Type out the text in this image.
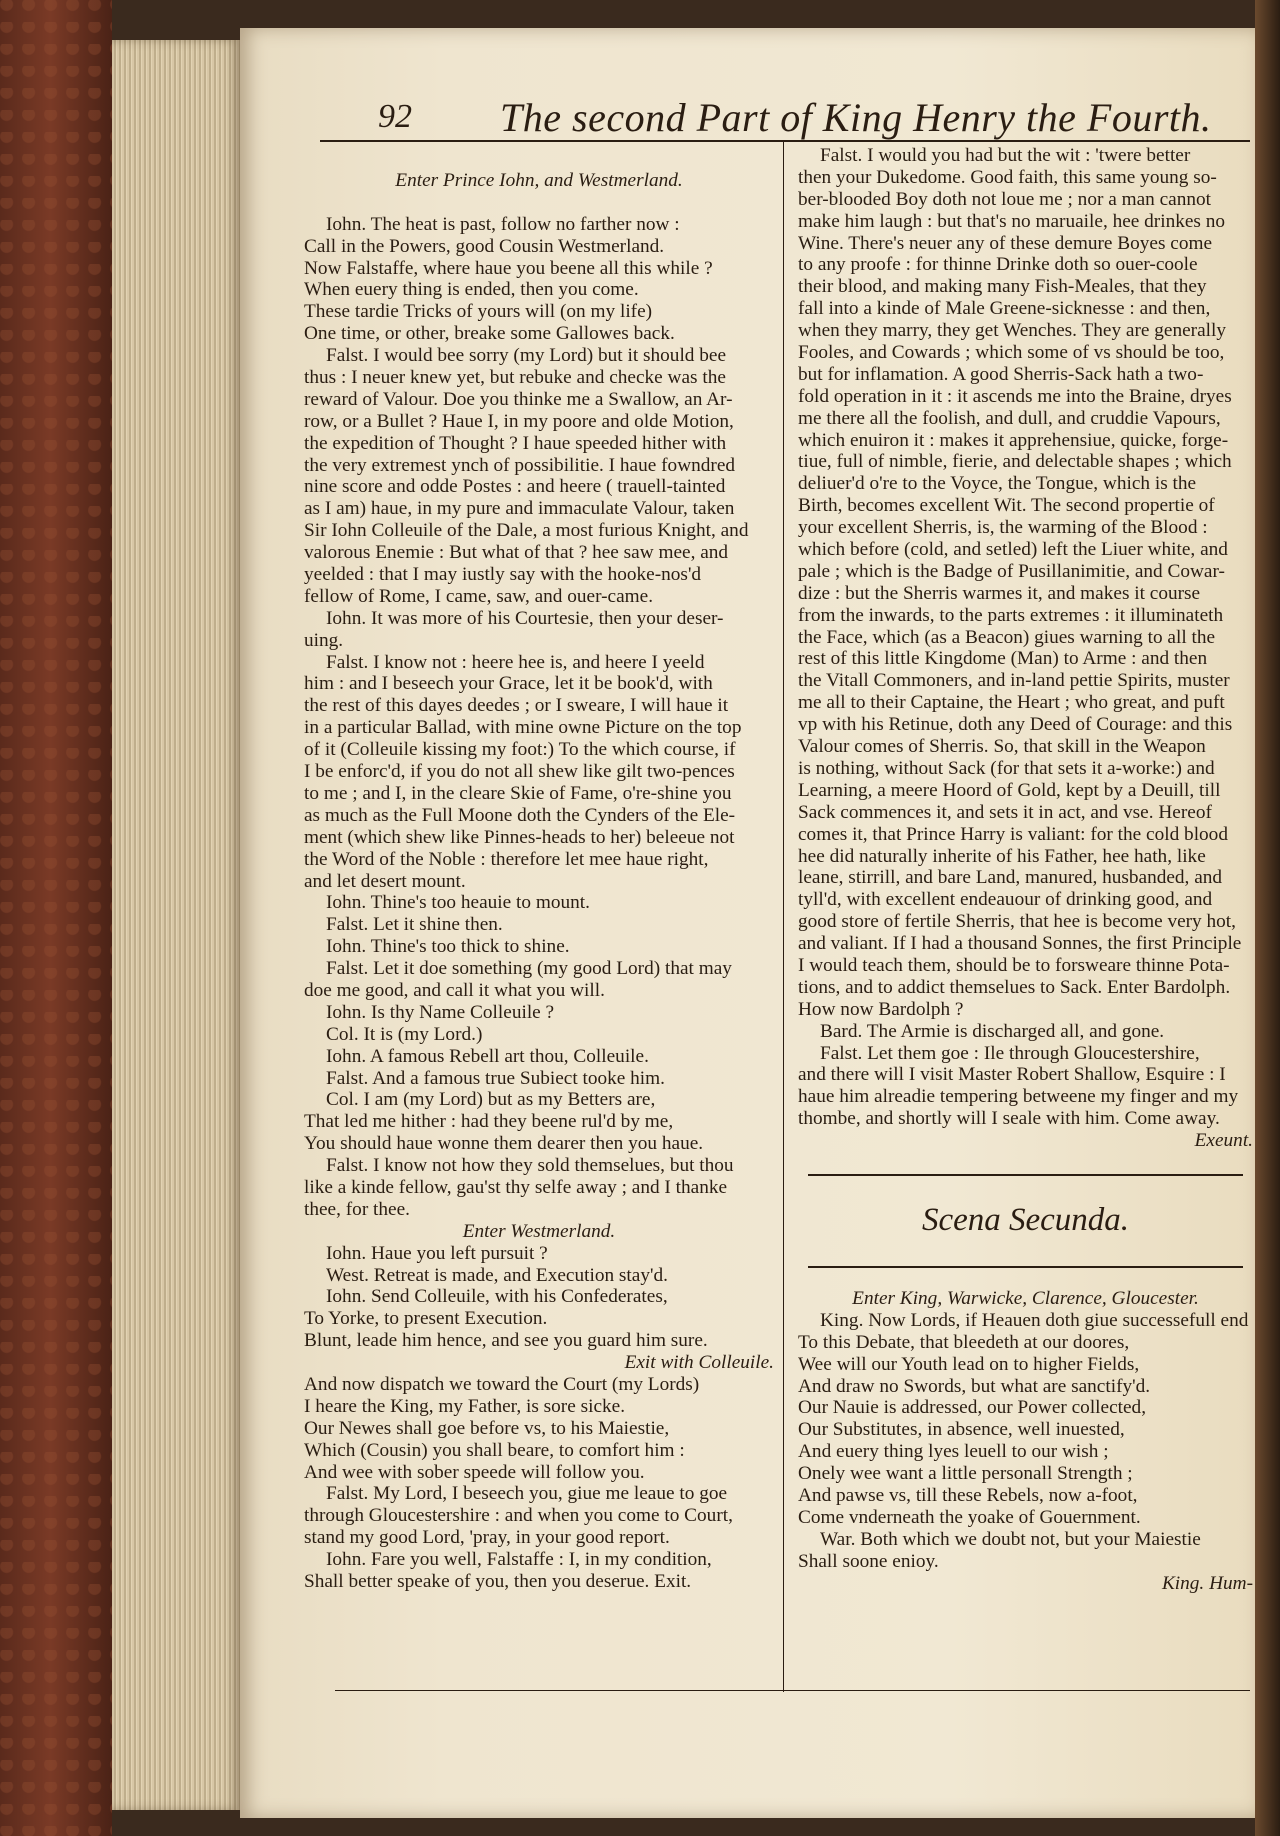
92 The second Part of King Henry the Fourth.
Enter Prince Iohn, and Westmerland.
Iohn. The heat is past, follow no farther now :
Call in the Powers, good Cousin Westmerland.
Now Falstaffe, where haue you beene all this while ?
When euery thing is ended, then you come.
These tardie Tricks of yours will (on my life)
One time, or other, breake some Gallowes back.
Falst. I would bee sorry (my Lord) but it should bee
thus : I neuer knew yet, but rebuke and checke was the
reward of Valour. Doe you thinke me a Swallow, an Ar-
row, or a Bullet ? Haue I, in my poore and olde Motion,
the expedition of Thought ? I haue speeded hither with
the very extremest ynch of possibilitie. I haue fowndred
nine score and odde Postes : and heere ( trauell-tainted
as I am) haue, in my pure and immaculate Valour, taken
Sir Iohn Colleuile of the Dale, a most furious Knight, and
valorous Enemie : But what of that ? hee saw mee, and
yeelded : that I may iustly say with the hooke-nos'd
fellow of Rome, I came, saw, and ouer-came.
Iohn. It was more of his Courtesie, then your deser-
uing.
Falst. I know not : heere hee is, and heere I yeeld
him : and I beseech your Grace, let it be book'd, with
the rest of this dayes deedes ; or I sweare, I will haue it
in a particular Ballad, with mine owne Picture on the top
of it (Colleuile kissing my foot:) To the which course, if
I be enforc'd, if you do not all shew like gilt two-pences
to me ; and I, in the cleare Skie of Fame, o're-shine you
as much as the Full Moone doth the Cynders of the Ele-
ment (which shew like Pinnes-heads to her) beleeue not
the Word of the Noble : therefore let mee haue right,
and let desert mount.
Iohn. Thine's too heauie to mount.
Falst. Let it shine then.
Iohn. Thine's too thick to shine.
Falst. Let it doe something (my good Lord) that may
doe me good, and call it what you will.
Iohn. Is thy Name Colleuile ?
Col. It is (my Lord.)
Iohn. A famous Rebell art thou, Colleuile.
Falst. And a famous true Subiect tooke him.
Col. I am (my Lord) but as my Betters are,
That led me hither : had they beene rul'd by me,
You should haue wonne them dearer then you haue.
Falst. I know not how they sold themselues, but thou
like a kinde fellow, gau'st thy selfe away ; and I thanke
thee, for thee.
Enter Westmerland.
Iohn. Haue you left pursuit ?
West. Retreat is made, and Execution stay'd.
Iohn. Send Colleuile, with his Confederates,
To Yorke, to present Execution.
Blunt, leade him hence, and see you guard him sure.
Exit with Colleuile.
And now dispatch we toward the Court (my Lords)
I heare the King, my Father, is sore sicke.
Our Newes shall goe before vs, to his Maiestie,
Which (Cousin) you shall beare, to comfort him :
And wee with sober speede will follow you.
Falst. My Lord, I beseech you, giue me leaue to goe
through Gloucestershire : and when you come to Court,
stand my good Lord, 'pray, in your good report.
Iohn. Fare you well, Falstaffe : I, in my condition,
Shall better speake of you, then you deserue. Exit.
Falst. I would you had but the wit : 'twere better
then your Dukedome. Good faith, this same young so-
ber-blooded Boy doth not loue me ; nor a man cannot
make him laugh : but that's no maruaile, hee drinkes no
Wine. There's neuer any of these demure Boyes come
to any proofe : for thinne Drinke doth so ouer-coole
their blood, and making many Fish-Meales, that they
fall into a kinde of Male Greene-sicknesse : and then,
when they marry, they get Wenches. They are generally
Fooles, and Cowards ; which some of vs should be too,
but for inflamation. A good Sherris-Sack hath a two-
fold operation in it : it ascends me into the Braine, dryes
me there all the foolish, and dull, and cruddie Vapours,
which enuiron it : makes it apprehensiue, quicke, forge-
tiue, full of nimble, fierie, and delectable shapes ; which
deliuer'd o're to the Voyce, the Tongue, which is the
Birth, becomes excellent Wit. The second propertie of
your excellent Sherris, is, the warming of the Blood :
which before (cold, and setled) left the Liuer white, and
pale ; which is the Badge of Pusillanimitie, and Cowar-
dize : but the Sherris warmes it, and makes it course
from the inwards, to the parts extremes : it illuminateth
the Face, which (as a Beacon) giues warning to all the
rest of this little Kingdome (Man) to Arme : and then
the Vitall Commoners, and in-land pettie Spirits, muster
me all to their Captaine, the Heart ; who great, and puft
vp with his Retinue, doth any Deed of Courage: and this
Valour comes of Sherris. So, that skill in the Weapon
is nothing, without Sack (for that sets it a-worke:) and
Learning, a meere Hoord of Gold, kept by a Deuill, till
Sack commences it, and sets it in act, and vse. Hereof
comes it, that Prince Harry is valiant: for the cold blood
hee did naturally inherite of his Father, hee hath, like
leane, stirrill, and bare Land, manured, husbanded, and
tyll'd, with excellent endeauour of drinking good, and
good store of fertile Sherris, that hee is become very hot,
and valiant. If I had a thousand Sonnes, the first Principle
I would teach them, should be to forsweare thinne Pota-
tions, and to addict themselues to Sack. Enter Bardolph.
How now Bardolph ?
Bard. The Armie is discharged all, and gone.
Falst. Let them goe : Ile through Gloucestershire,
and there will I visit Master Robert Shallow, Esquire : I
haue him alreadie tempering betweene my finger and my
thombe, and shortly will I seale with him. Come away.
Exeunt.
Scena Secunda.
Enter King, Warwicke, Clarence, Gloucester.
King. Now Lords, if Heauen doth giue successefull end
To this Debate, that bleedeth at our doores,
Wee will our Youth lead on to higher Fields,
And draw no Swords, but what are sanctify'd.
Our Nauie is addressed, our Power collected,
Our Substitutes, in absence, well inuested,
And euery thing lyes leuell to our wish ;
Onely wee want a little personall Strength ;
And pawse vs, till these Rebels, now a-foot,
Come vnderneath the yoake of Gouernment.
War. Both which we doubt not, but your Maiestie
Shall soone enioy.
King. Hum-
